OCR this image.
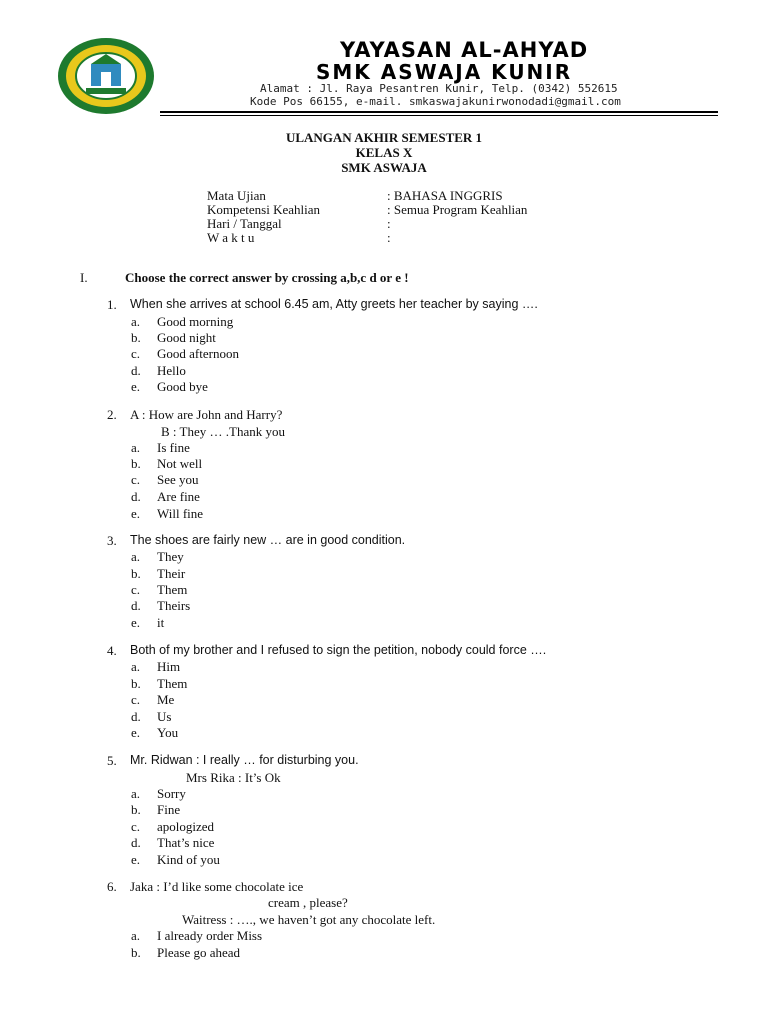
YAYASAN AL-AHYAD
SMK ASWAJA KUNIR
Alamat : Jl. Raya Pesantren Kunir, Telp. (0342) 552615
Kode Pos 66155, e-mail. smkaswajakunirwonodadi@gmail.com
ULANGAN AKHIR SEMESTER 1
KELAS X
SMK ASWAJA
Mata Ujian	: BAHASA INGGRIS
Kompetensi Keahlian	: Semua Program Keahlian
Hari / Tanggal	:
W a k t u	:
I.	Choose the correct answer by crossing a,b,c d or e !
1. When she arrives at school 6.45 am, Atty greets her teacher by saying ….
a. Good morning
b. Good night
c. Good afternoon
d. Hello
e. Good bye
2. A : How are John and Harry?
B : They … .Thank you
a. Is fine
b. Not well
c. See you
d. Are fine
e. Will fine
3. The shoes are fairly new … are in good condition.
a. They
b. Their
c. Them
d. Theirs
e. it
4. Both of my brother and I refused to sign the petition, nobody could force ….
a. Him
b. Them
c. Me
d. Us
e. You
5. Mr. Ridwan : I really … for disturbing you.
Mrs Rika : It’s Ok
a. Sorry
b. Fine
c. apologized
d. That’s nice
e. Kind of you
6. Jaka : I’d like some chocolate ice
cream , please?
Waitress : …., we haven’t got any chocolate left.
a. I already order Miss
b. Please go ahead
